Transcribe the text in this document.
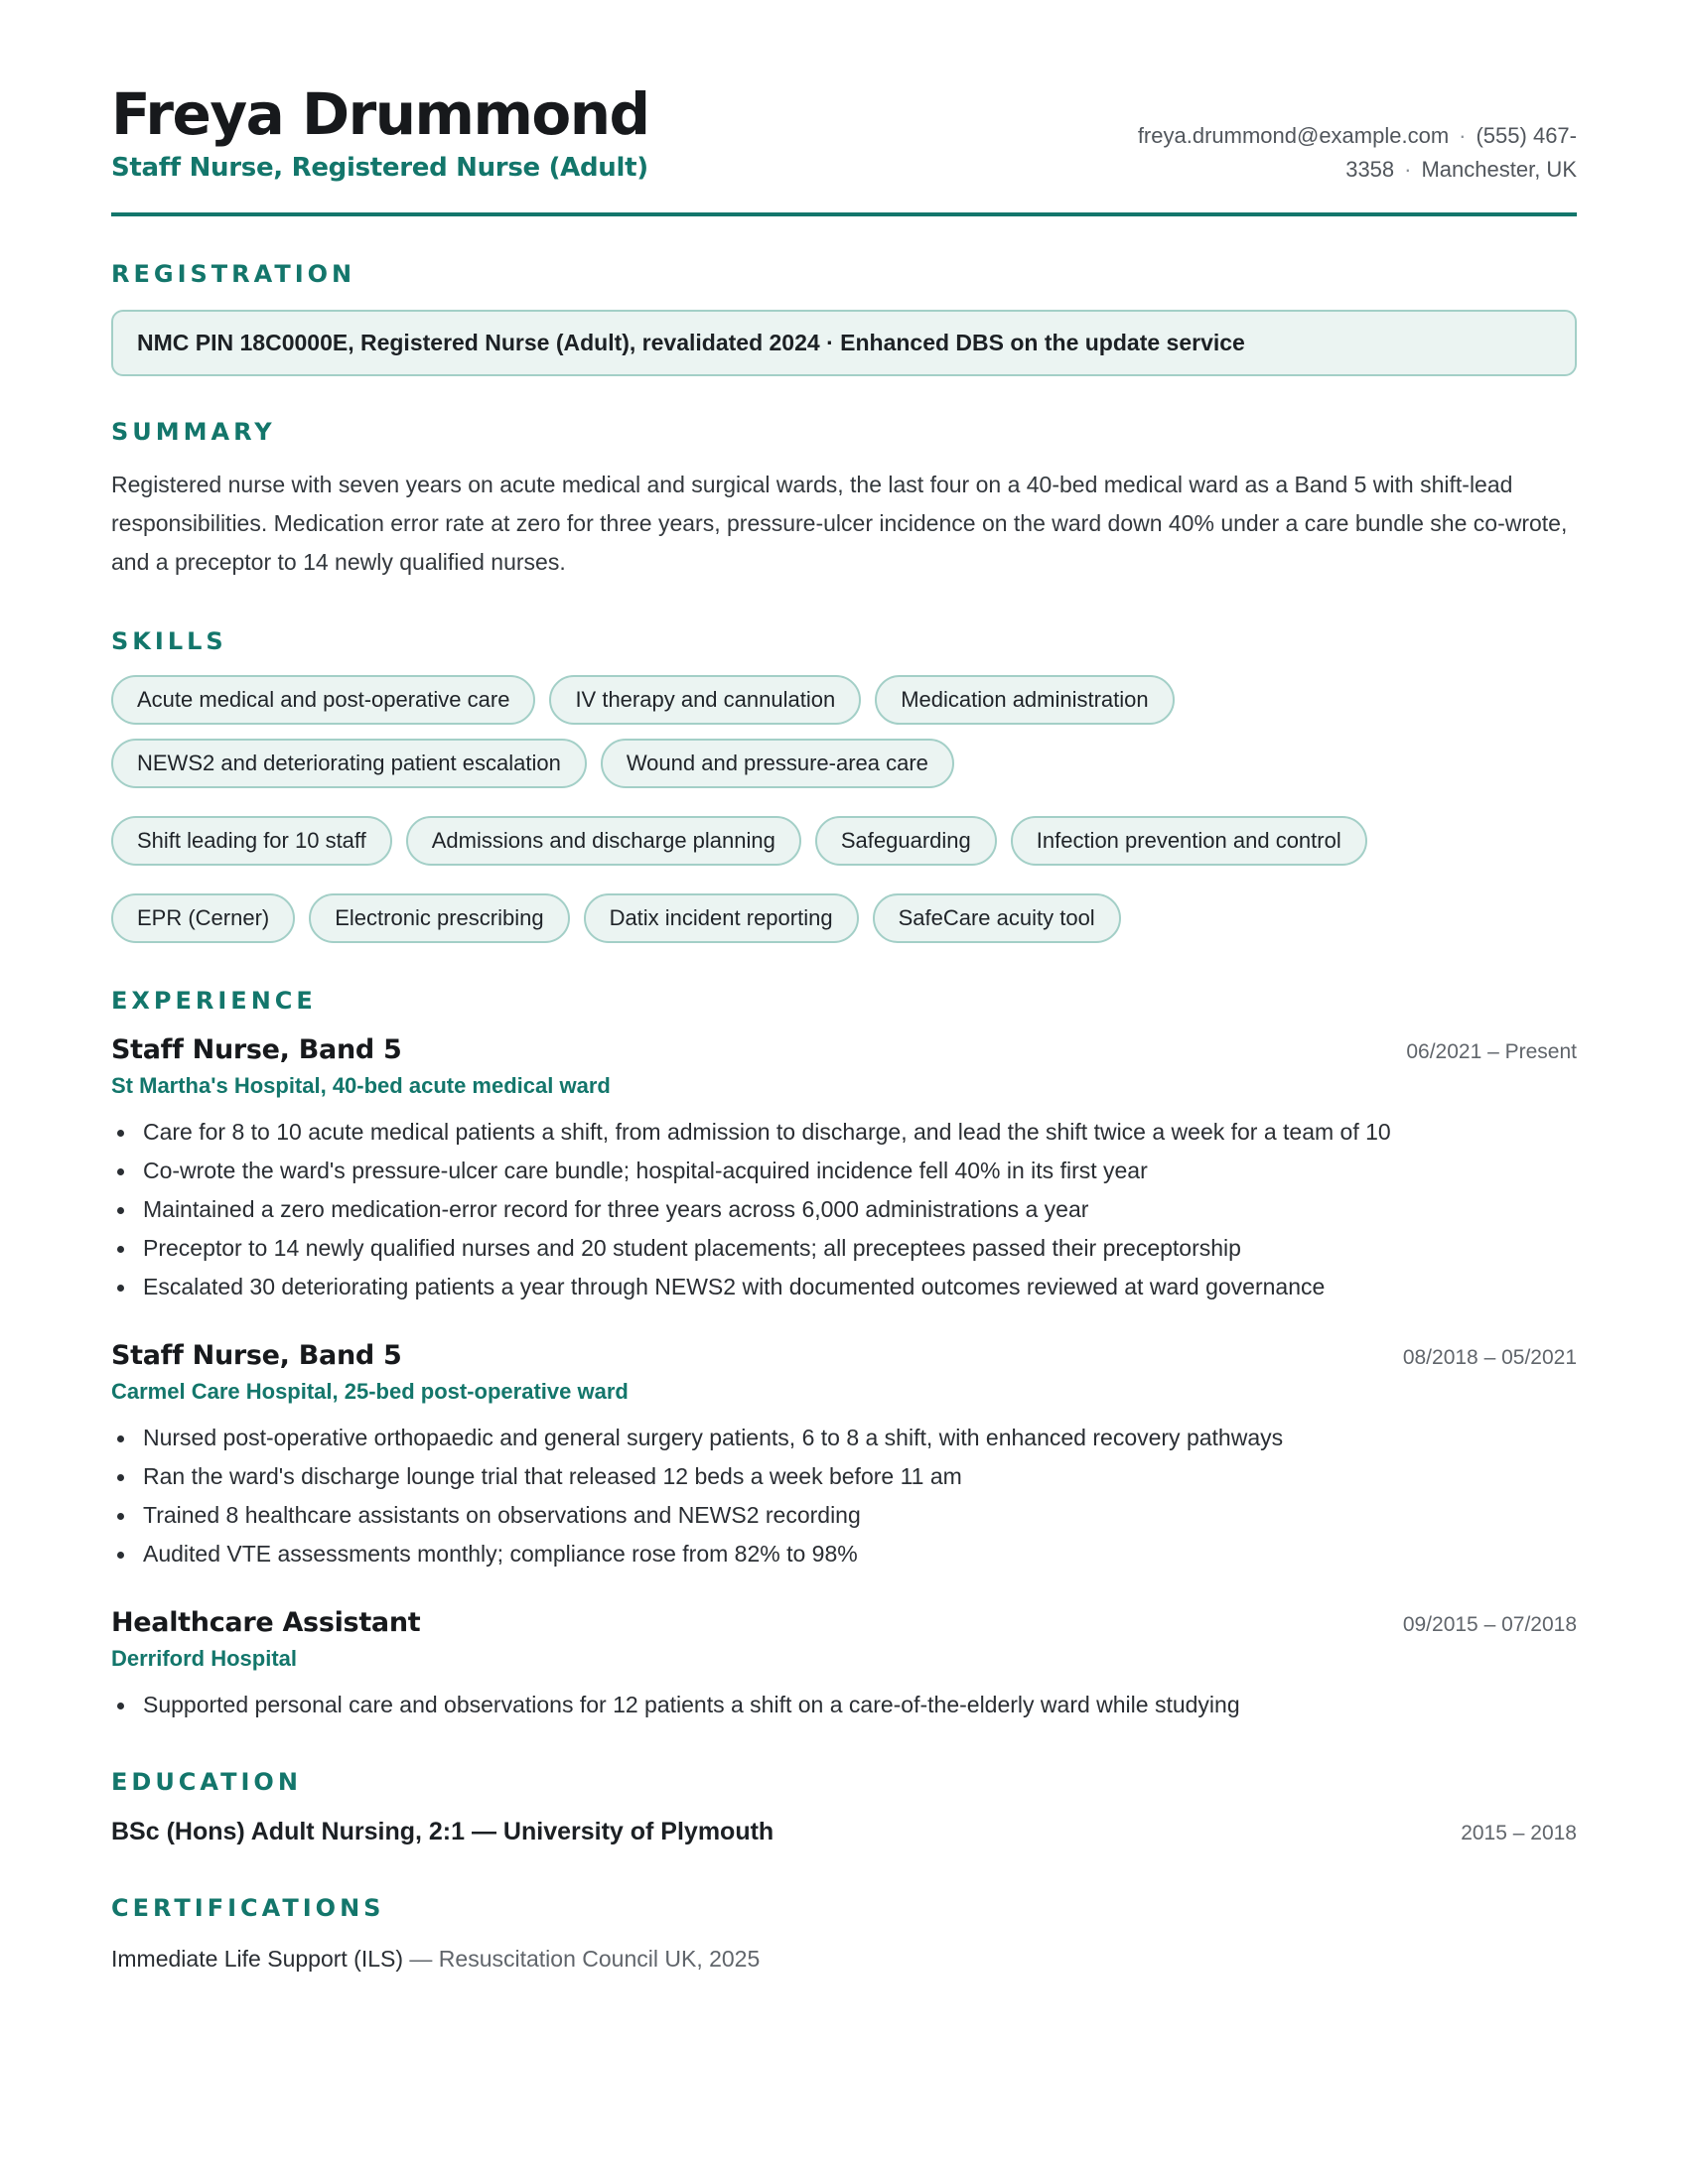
Freya Drummond
Staff Nurse, Registered Nurse (Adult)
freya.drummond@example.com · (555) 467-3358 · Manchester, UK
REGISTRATION
NMC PIN 18C0000E, Registered Nurse (Adult), revalidated 2024 · Enhanced DBS on the update service
SUMMARY
Registered nurse with seven years on acute medical and surgical wards, the last four on a 40-bed medical ward as a Band 5 with shift-lead responsibilities. Medication error rate at zero for three years, pressure-ulcer incidence on the ward down 40% under a care bundle she co-wrote, and a preceptor to 14 newly qualified nurses.
SKILLS
Acute medical and post-operative care	IV therapy and cannulation	Medication administration
NEWS2 and deteriorating patient escalation	Wound and pressure-area care
Shift leading for 10 staff	Admissions and discharge planning	Safeguarding	Infection prevention and control
EPR (Cerner)	Electronic prescribing	Datix incident reporting	SafeCare acuity tool
EXPERIENCE
Staff Nurse, Band 5	06/2021 – Present
St Martha's Hospital, 40-bed acute medical ward
Care for 8 to 10 acute medical patients a shift, from admission to discharge, and lead the shift twice a week for a team of 10
Co-wrote the ward's pressure-ulcer care bundle; hospital-acquired incidence fell 40% in its first year
Maintained a zero medication-error record for three years across 6,000 administrations a year
Preceptor to 14 newly qualified nurses and 20 student placements; all preceptees passed their preceptorship
Escalated 30 deteriorating patients a year through NEWS2 with documented outcomes reviewed at ward governance
Staff Nurse, Band 5	08/2018 – 05/2021
Carmel Care Hospital, 25-bed post-operative ward
Nursed post-operative orthopaedic and general surgery patients, 6 to 8 a shift, with enhanced recovery pathways
Ran the ward's discharge lounge trial that released 12 beds a week before 11 am
Trained 8 healthcare assistants on observations and NEWS2 recording
Audited VTE assessments monthly; compliance rose from 82% to 98%
Healthcare Assistant	09/2015 – 07/2018
Derriford Hospital
Supported personal care and observations for 12 patients a shift on a care-of-the-elderly ward while studying
EDUCATION
BSc (Hons) Adult Nursing, 2:1 — University of Plymouth	2015 – 2018
CERTIFICATIONS
Immediate Life Support (ILS) — Resuscitation Council UK, 2025
